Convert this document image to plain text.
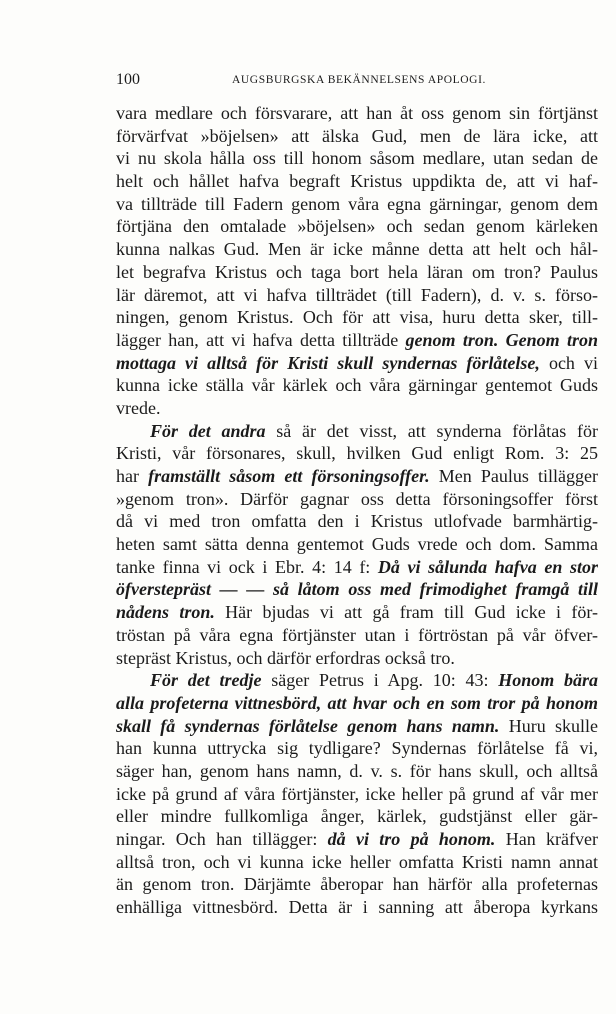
100	AUGSBURGSKA BEKÄNNELSENS APOLOGI.
vara medlare och försvarare, att han åt oss genom sin förtjänst
förvärfvat »böjelsen» att älska Gud, men de lära icke, att
vi nu skola hålla oss till honom såsom medlare, utan sedan de
helt och hållet hafva begraft Kristus uppdikta de, att vi haf-
va tillträde till Fadern genom våra egna gärningar, genom dem
förtjäna den omtalade »böjelsen» och sedan genom kärleken
kunna nalkas Gud. Men är icke månne detta att helt och hål-
let begrafva Kristus och taga bort hela läran om tron? Paulus
lär däremot, att vi hafva tillträdet (till Fadern), d. v. s. förso-
ningen, genom Kristus. Och för att visa, huru detta sker, till-
lägger han, att vi hafva detta tillträde genom tron. Genom tron
mottaga vi alltså för Kristi skull syndernas förlåtelse, och vi
kunna icke ställa vår kärlek och våra gärningar gentemot Guds
vrede.
För det andra så är det visst, att synderna förlåtas för
Kristi, vår försonares, skull, hvilken Gud enligt Rom. 3: 25
har framställt såsom ett försoningsoffer. Men Paulus tillägger
»genom tron». Därför gagnar oss detta försoningsoffer först
då vi med tron omfatta den i Kristus utlofvade barmhärtig-
heten samt sätta denna gentemot Guds vrede och dom. Samma
tanke finna vi ock i Ebr. 4: 14 f: Då vi sålunda hafva en stor
öfverstepräst — — så låtom oss med frimodighet framgå till
nådens tron. Här bjudas vi att gå fram till Gud icke i för-
tröstan på våra egna förtjänster utan i förtröstan på vår öfver-
stepräst Kristus, och därför erfordras också tro.
För det tredje säger Petrus i Apg. 10: 43: Honom bära
alla profeterna vittnesbörd, att hvar och en som tror på honom
skall få syndernas förlåtelse genom hans namn. Huru skulle
han kunna uttrycka sig tydligare? Syndernas förlåtelse få vi,
säger han, genom hans namn, d. v. s. för hans skull, och alltså
icke på grund af våra förtjänster, icke heller på grund af vår mer
eller mindre fullkomliga ånger, kärlek, gudstjänst eller gär-
ningar. Och han tillägger: då vi tro på honom. Han kräfver
alltså tron, och vi kunna icke heller omfatta Kristi namn annat
än genom tron. Därjämte åberopar han härför alla profeternas
enhälliga vittnesbörd. Detta är i sanning att åberopa kyrkans
